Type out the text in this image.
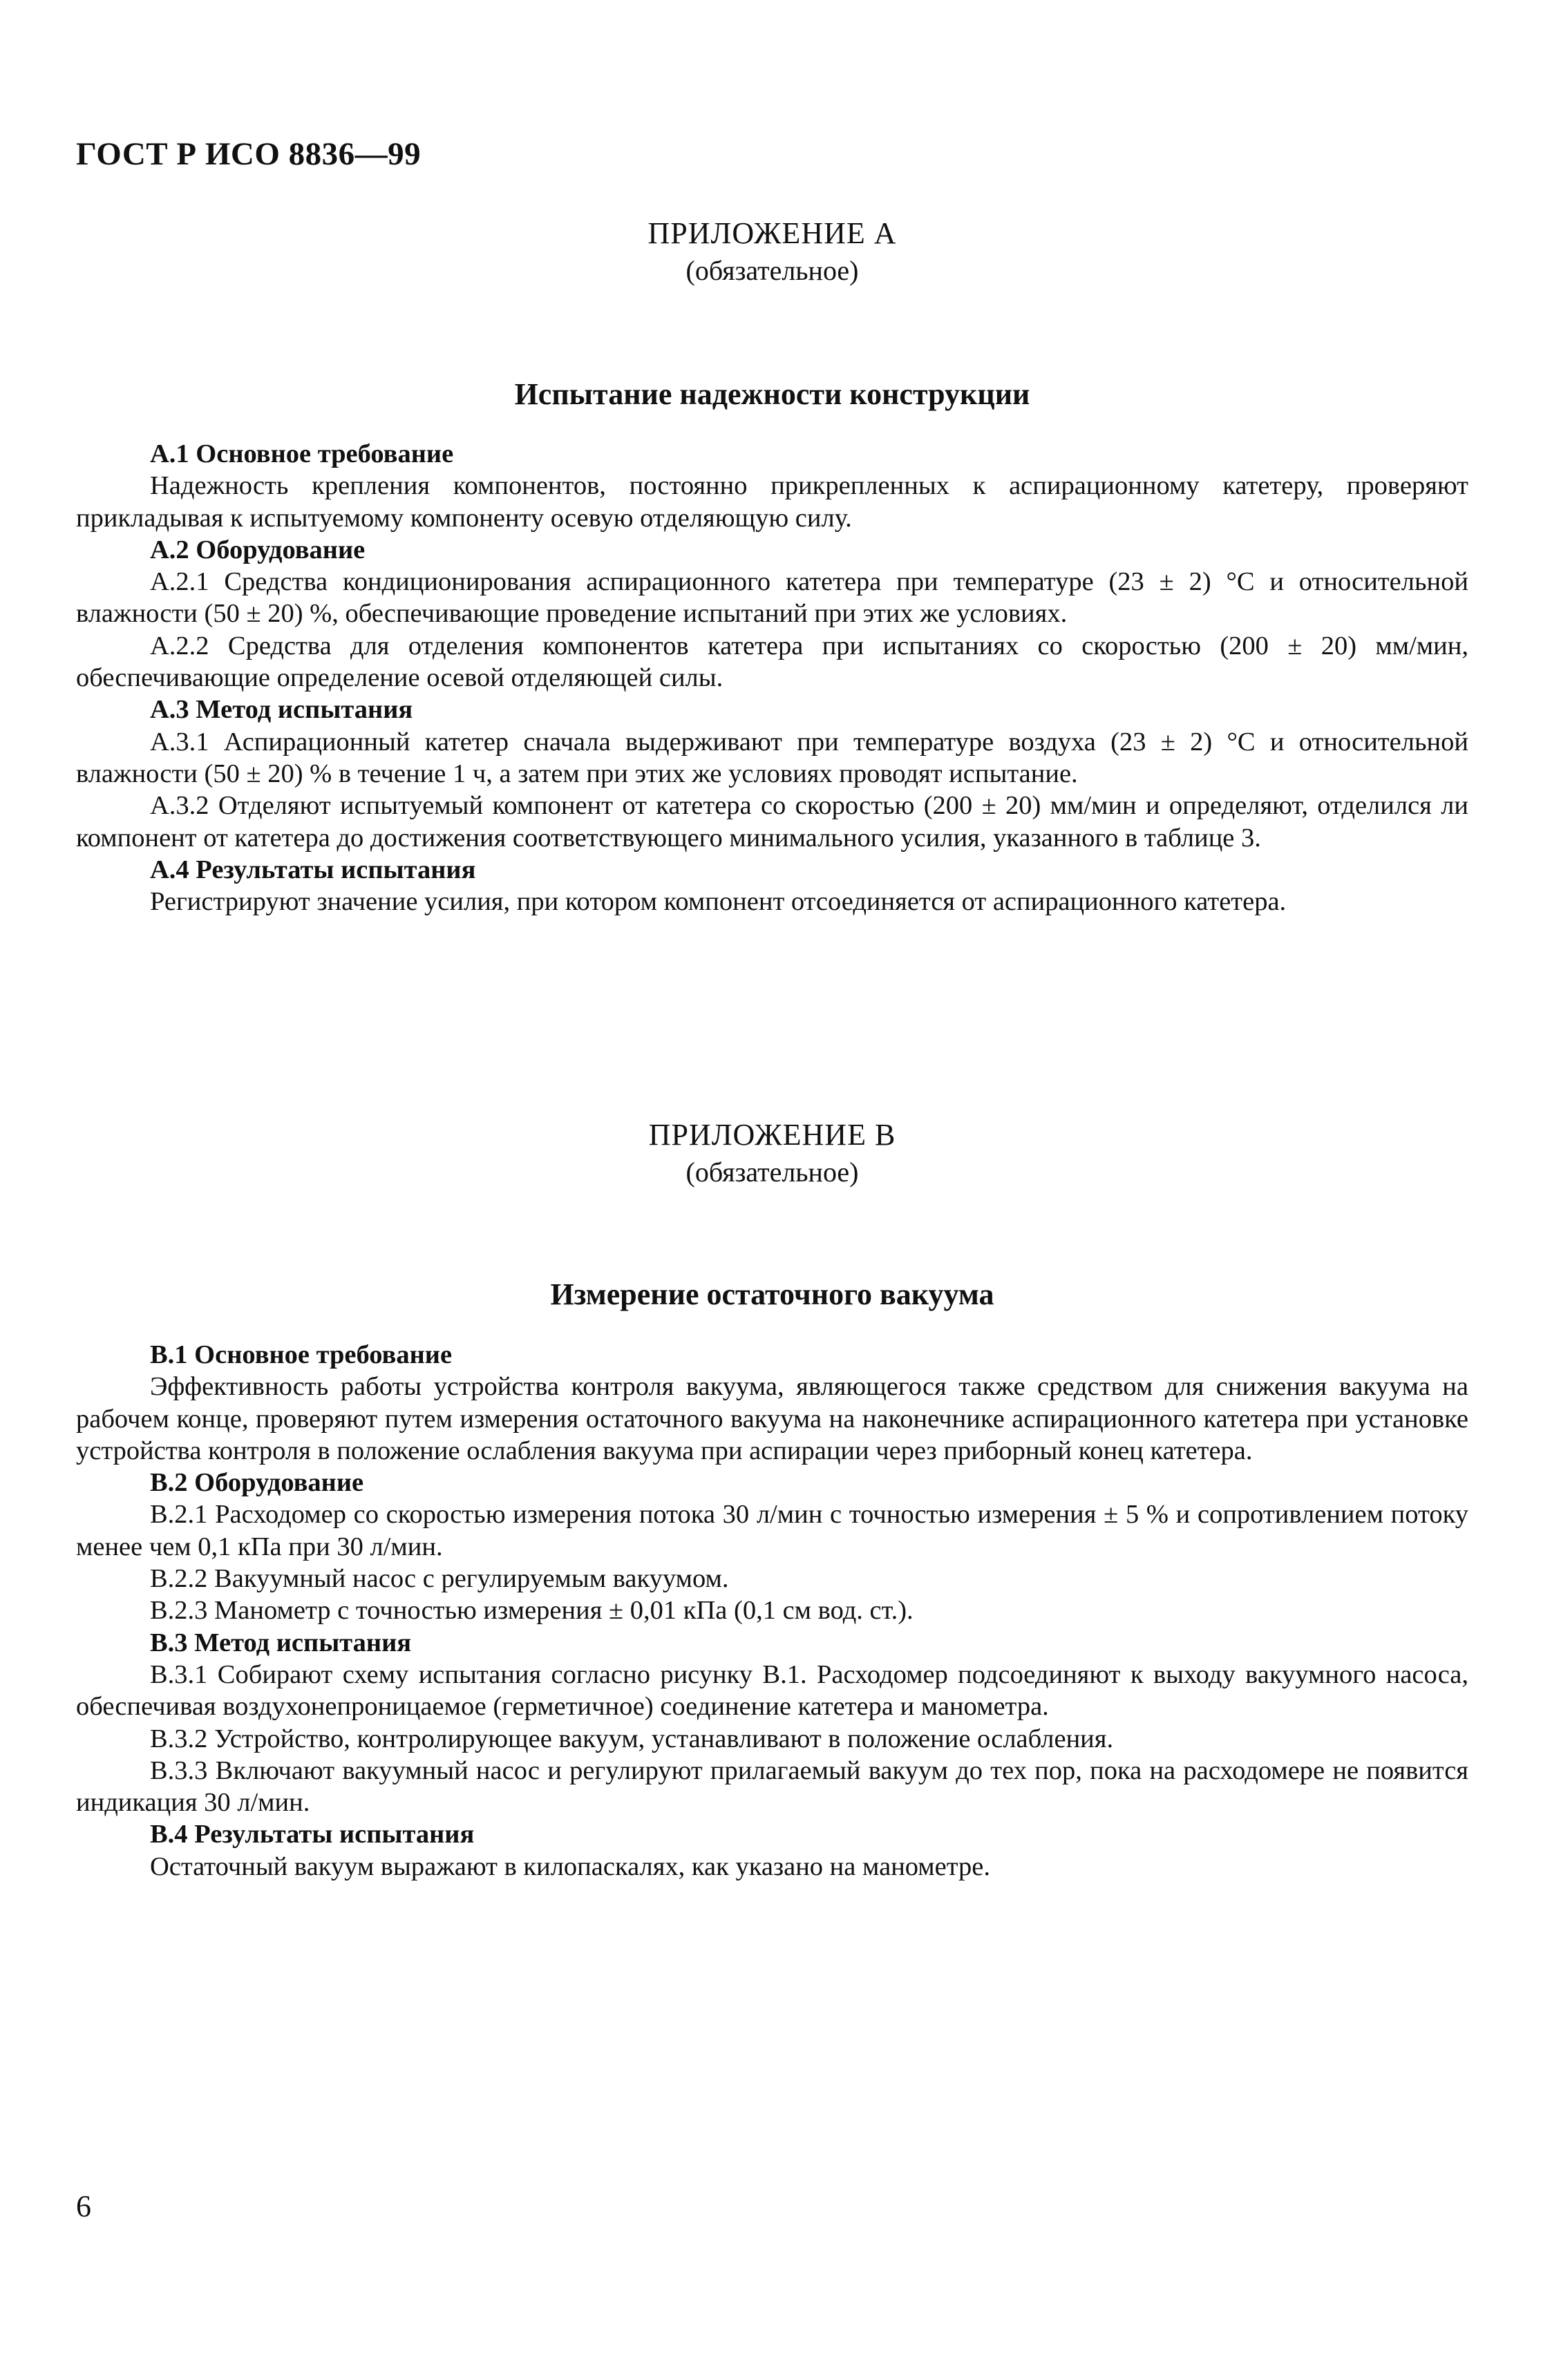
ГОСТ Р ИСО 8836—99

ПРИЛОЖЕНИЕ А

(обязательное)

Испытание надежности конструкции

А.1 Основное требование

Надежность крепления компонентов, постоянно прикрепленных к аспирационному катетеру, проверяют прикладывая к испытуемому компоненту осевую отделяющую силу.

А.2 Оборудование

А.2.1 Средства кондиционирования аспирационного катетера при температуре (23 ± 2) °С и относительной влажности (50 ± 20) %, обеспечивающие проведение испытаний при этих же условиях.

А.2.2 Средства для отделения компонентов катетера при испытаниях со скоростью (200 ± 20) мм/мин, обеспечивающие определение осевой отделяющей силы.

А.3 Метод испытания

А.3.1 Аспирационный катетер сначала выдерживают при температуре воздуха (23 ± 2) °С и относительной влажности (50 ± 20) % в течение 1 ч, а затем при этих же условиях проводят испытание.

А.3.2 Отделяют испытуемый компонент от катетера со скоростью (200 ± 20) мм/мин и определяют, отделился ли компонент от катетера до достижения соответствующего минимального усилия, указанного в таблице 3.

А.4 Результаты испытания

Регистрируют значение усилия, при котором компонент отсоединяется от аспирационного катетера.

ПРИЛОЖЕНИЕ В

(обязательное)

Измерение остаточного вакуума

В.1 Основное требование

Эффективность работы устройства контроля вакуума, являющегося также средством для снижения вакуума на рабочем конце, проверяют путем измерения остаточного вакуума на наконечнике аспирационного катетера при установке устройства контроля в положение ослабления вакуума при аспирации через приборный конец катетера.

В.2 Оборудование

В.2.1 Расходомер со скоростью измерения потока 30 л/мин с точностью измерения ± 5 % и сопротивлением потоку менее чем 0,1 кПа при 30 л/мин.

В.2.2 Вакуумный насос с регулируемым вакуумом.

В.2.3 Манометр с точностью измерения ± 0,01 кПа (0,1 см вод. ст.).

В.3 Метод испытания

В.3.1 Собирают схему испытания согласно рисунку В.1. Расходомер подсоединяют к выходу вакуумного насоса, обеспечивая воздухонепроницаемое (герметичное) соединение катетера и манометра.

В.3.2 Устройство, контролирующее вакуум, устанавливают в положение ослабления.

В.3.3 Включают вакуумный насос и регулируют прилагаемый вакуум до тех пор, пока на расходомере не появится индикация 30 л/мин.

В.4 Результаты испытания

Остаточный вакуум выражают в килопаскалях, как указано на манометре.

6
